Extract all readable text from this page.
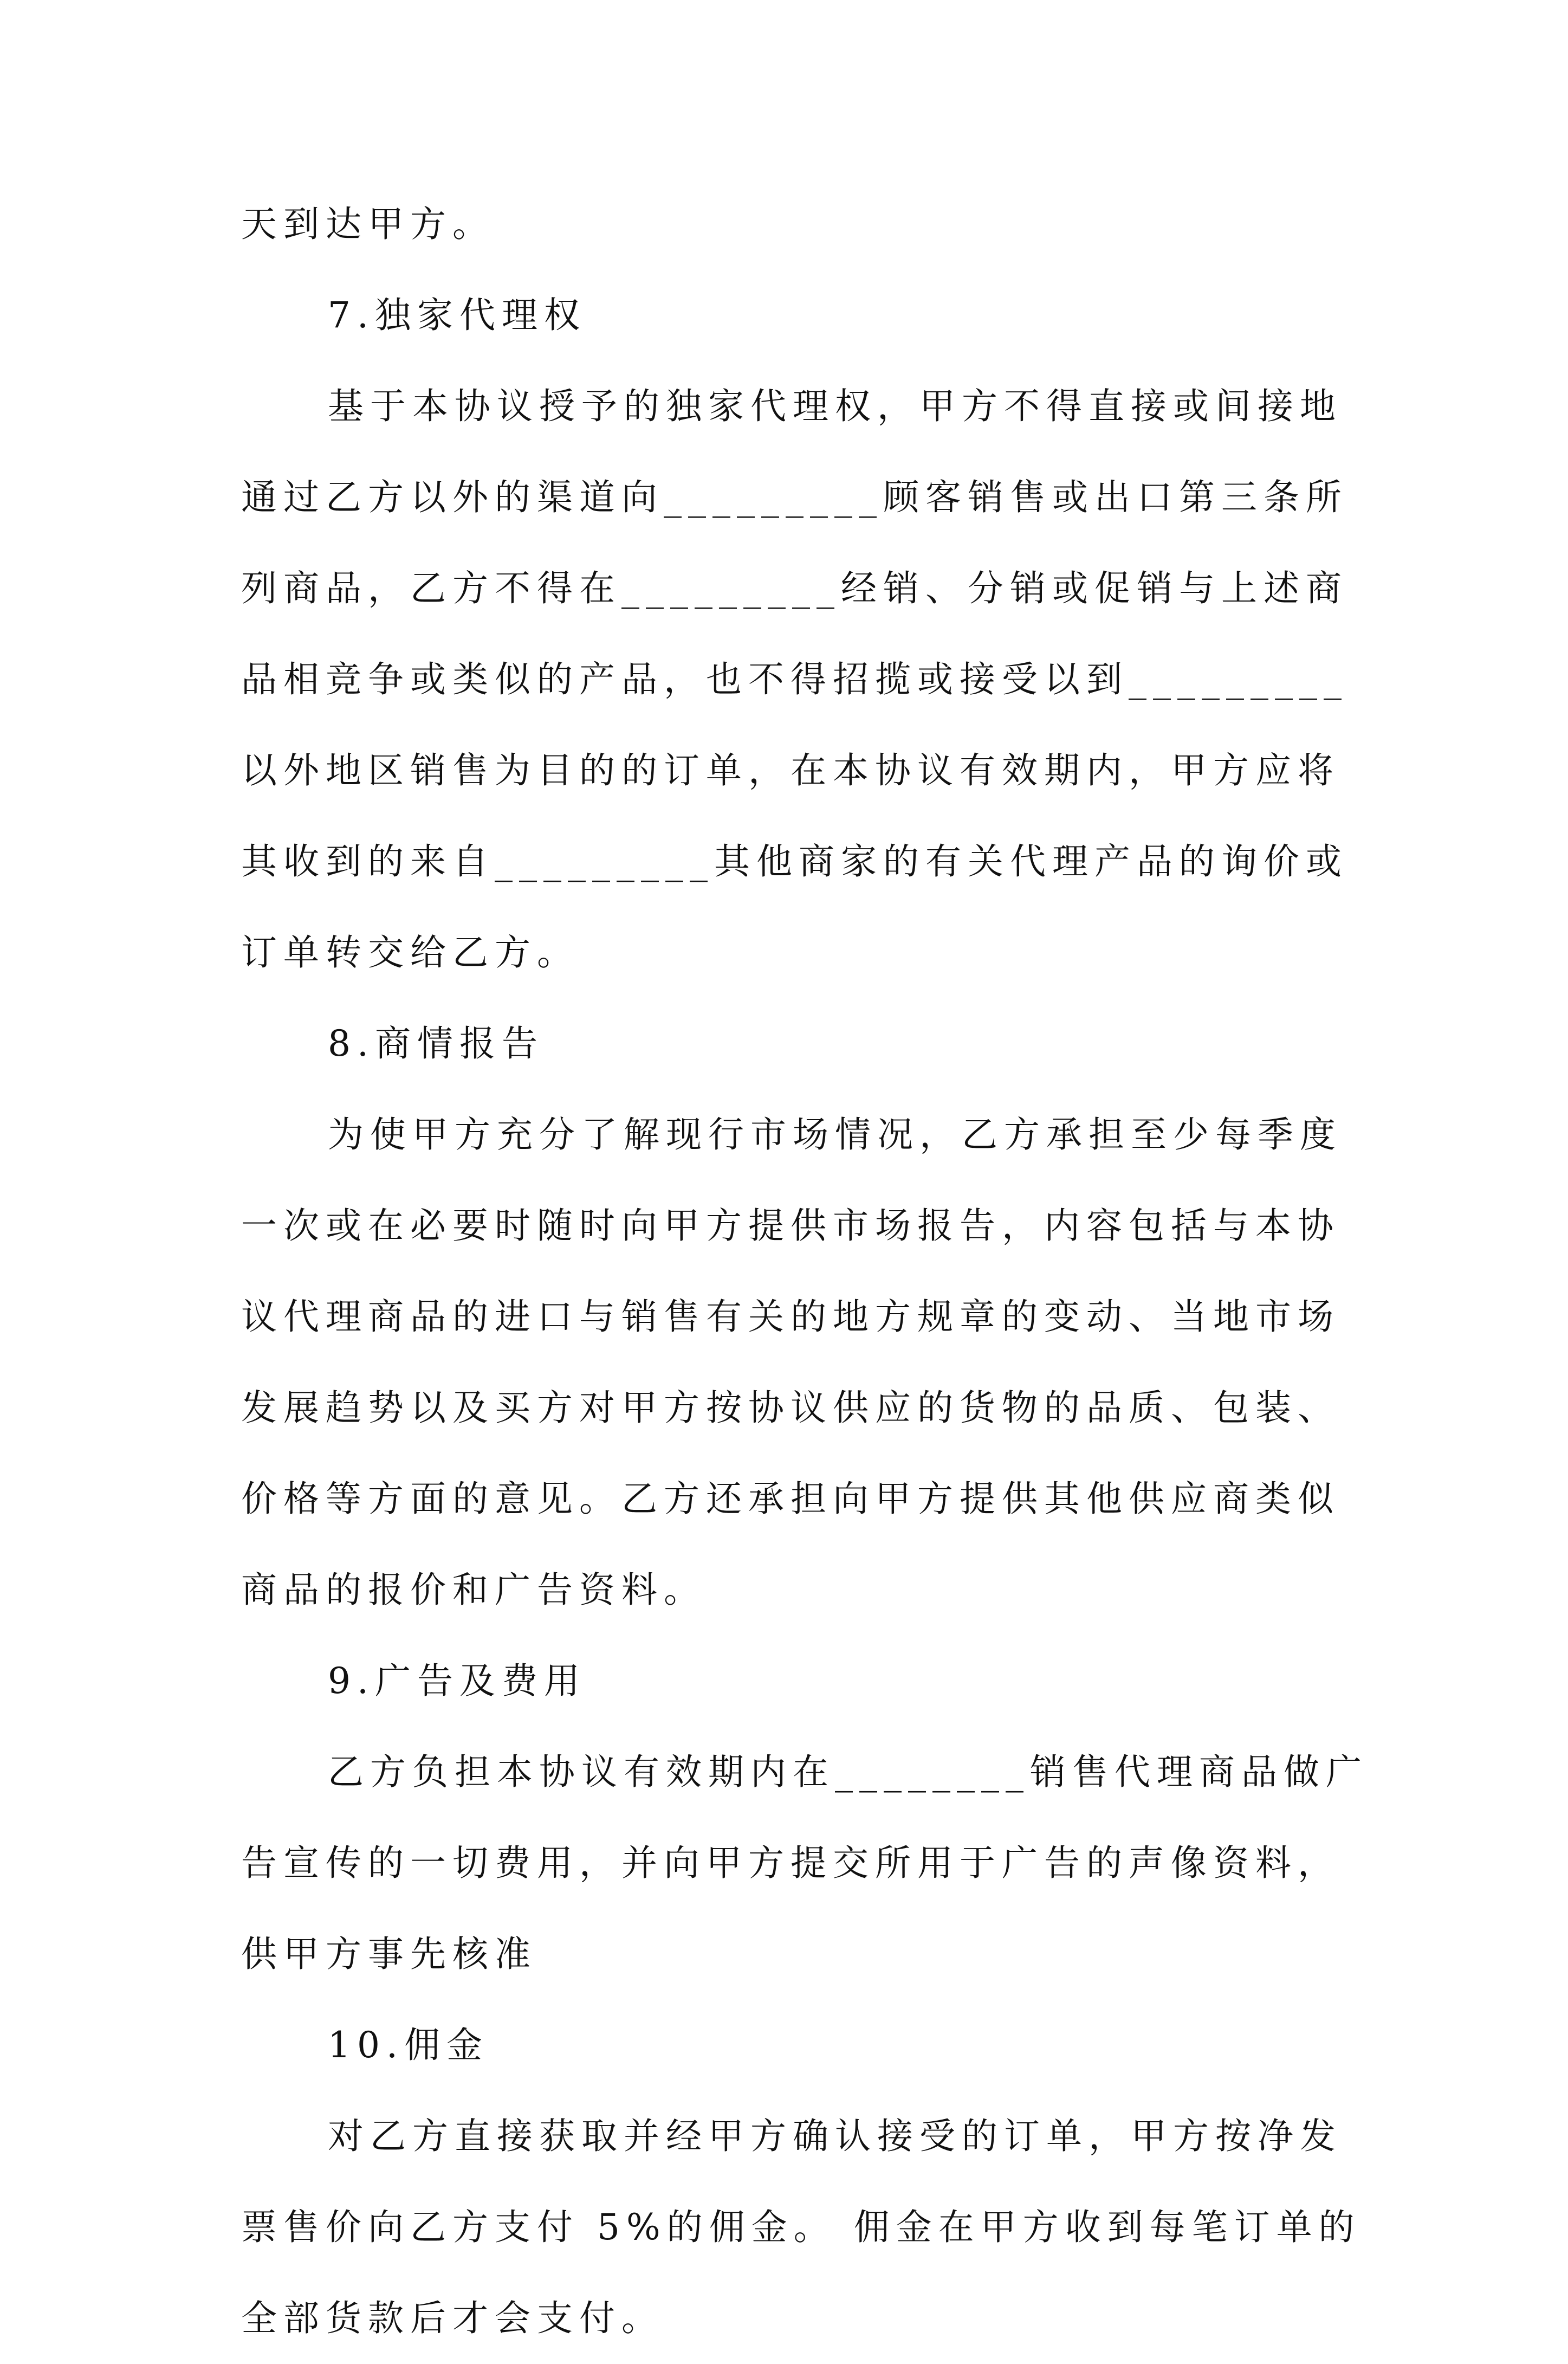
天到达甲方。
7.独家代理权
基于本协议授予的独家代理权，甲方不得直接或间接地
通过乙方以外的渠道向_________顾客销售或出口第三条所
列商品，乙方不得在_________经销、分销或促销与上述商
品相竞争或类似的产品，也不得招揽或接受以到_________
以外地区销售为目的的订单，在本协议有效期内，甲方应将
其收到的来自_________其他商家的有关代理产品的询价或
订单转交给乙方。
8.商情报告
为使甲方充分了解现行市场情况，乙方承担至少每季度
一次或在必要时随时向甲方提供市场报告，内容包括与本协
议代理商品的进口与销售有关的地方规章的变动、当地市场
发展趋势以及买方对甲方按协议供应的货物的品质、包装、
价格等方面的意见。乙方还承担向甲方提供其他供应商类似
商品的报价和广告资料。
9.广告及费用
乙方负担本协议有效期内在________销售代理商品做广
告宣传的一切费用，并向甲方提交所用于广告的声像资料，
供甲方事先核准
10.佣金
对乙方直接获取并经甲方确认接受的订单，甲方按净发
票售价向乙方支付 5%的佣金。 佣金在甲方收到每笔订单的
全部货款后才会支付。
